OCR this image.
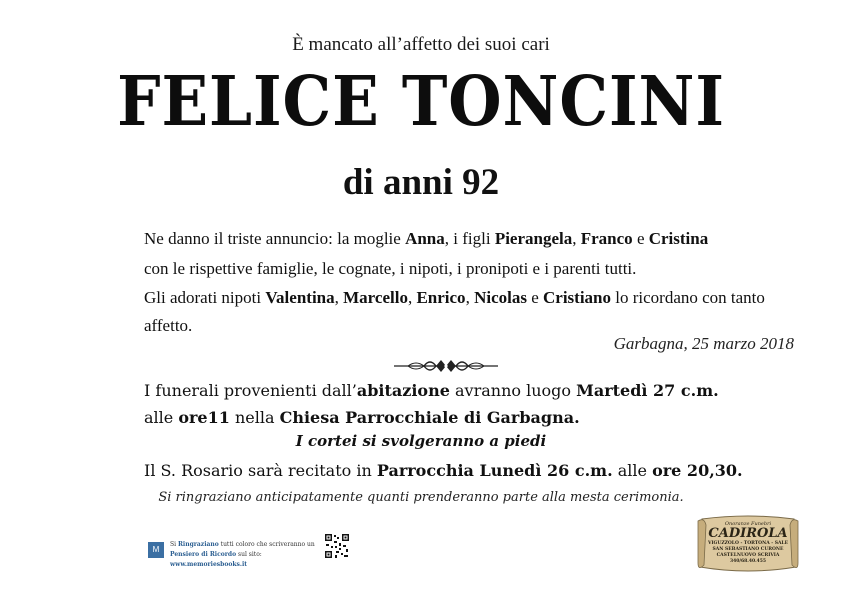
È mancato all’affetto dei suoi cari
FELICE TONCINI
di anni 92
Ne danno il triste annuncio: la moglie Anna, i figli Pierangela, Franco e Cristina
con le rispettive famiglie, le cognate, i nipoti, i pronipoti e i parenti tutti.
Gli adorati nipoti Valentina, Marcello, Enrico, Nicolas e Cristiano lo ricordano con tanto affetto.
Garbagna, 25 marzo 2018
I funerali provenienti dall’abitazione avranno luogo Martedì 27 c.m.
alle ore11 nella Chiesa Parrocchiale di Garbagna.
I cortei si svolgeranno a piedi
Il S. Rosario sarà recitato in Parrocchia Lunedì 26 c.m. alle ore 20,30.
Si ringraziano anticipatamente quanti prenderanno parte alla mesta cerimonia.
M
Si Ringraziano tutti coloro che scriveranno un
Pensiero di Ricordo sul sito: www.memoriesbooks.it
Onoranze Funebri
CADIROLA
VIGUZZOLO - TORTONA - SALE
SAN SEBASTIANO CURONE
CASTELNUOVO SCRIVIA
340/68.40.455
